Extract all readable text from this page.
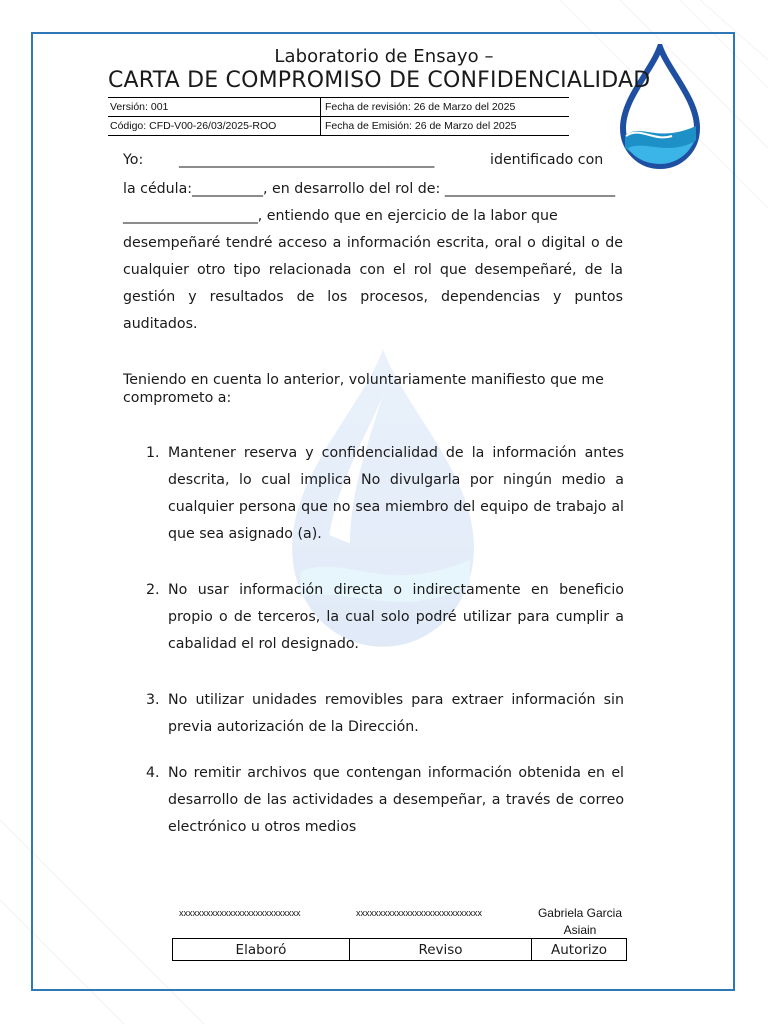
Laboratorio de Ensayo –
CARTA DE COMPROMISO DE CONFIDENCIALIDAD
Versión: 001	Fecha de revisión: 26 de Marzo del 2025
Código: CFD-V00-26/03/2025-ROO	Fecha de Emisión: 26 de Marzo del 2025
Yo:	____________________________________	identificado con
la cédula:__________, en desarrollo del rol de: ________________________
___________________, entiendo que en ejercicio de la labor que
desempeñaré tendré acceso a información escrita, oral o digital o de cualquier otro tipo relacionada con el rol que desempeñaré, de la gestión y resultados de los procesos, dependencias y puntos auditados.
Teniendo en cuenta lo anterior, voluntariamente manifiesto que me comprometo a:
1. Mantener reserva y confidencialidad de la información antes descrita, lo cual implica No divulgarla por ningún medio a cualquier persona que no sea miembro del equipo de trabajo al que sea asignado (a).
2. No usar información directa o indirectamente en beneficio propio o de terceros, la cual solo podré utilizar para cumplir a cabalidad el rol designado.
3. No utilizar unidades removibles para extraer información sin previa autorización de la Dirección.
4. No remitir archivos que contengan información obtenida en el desarrollo de las actividades a desempeñar, a través de correo electrónico u otros medios
xxxxxxxxxxxxxxxxxxxxxxxxxxx	xxxxxxxxxxxxxxxxxxxxxxxxxxxx	Gabriela Garcia Asiain
Elaboró	Reviso	Autorizo
